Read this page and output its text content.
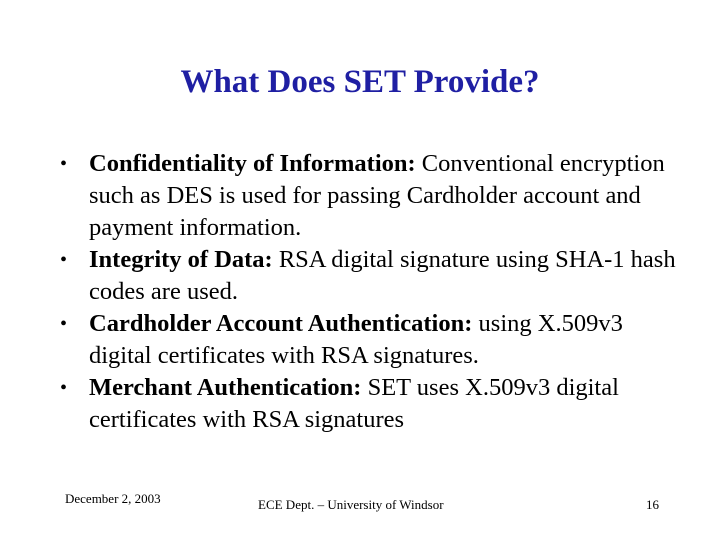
What Does SET Provide?
• Confidentiality of Information: Conventional encryption such as DES is used for passing Cardholder account and payment information.
• Integrity of Data: RSA digital signature using SHA-1 hash codes are used.
• Cardholder Account Authentication: using X.509v3 digital certificates with RSA signatures.
• Merchant Authentication: SET uses X.509v3 digital certificates with RSA signatures
December 2, 2003	ECE Dept. – University of Windsor	16
